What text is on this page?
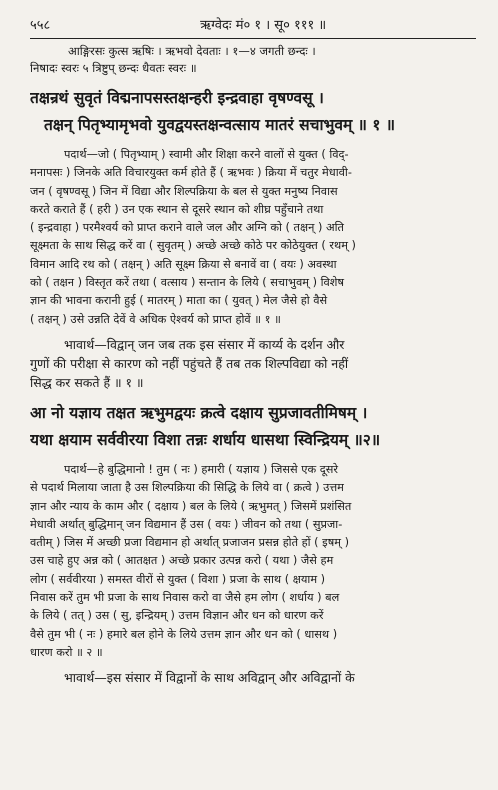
५५८	ऋग्वेदः मं० १ । सू० १११ ॥
आङ्गिरसः कुत्स ऋषिः । ऋभवो देवताः । १—४ जगती छन्दः ।
निषादः स्वरः ५ त्रिष्टुप् छन्दः धैवतः स्वरः ॥
तक्षन्रथं सुवृतं विद्मनापसस्तक्षन्हरी इन्द्रवाहा वृषण्वसू ।
तक्षन् पितृभ्यामृभवो युवद्वयस्तक्षन्वत्साय मातरं सचाभुवम् ॥ १ ॥
पदार्थ—जो ( पितृभ्याम् ) स्वामी और शिक्षा करने वालों से युक्त ( विद्-
मनापसः ) जिनके अति विचारयुक्त कर्म होते हैं ( ऋभवः ) क्रिया में चतुर मेधावी-
जन ( वृषण्वसू ) जिन में विद्या और शिल्पक्रिया के बल से युक्त मनुष्य निवास
करते कराते हैं ( हरी ) उन एक स्थान से दूसरे स्थान को शीघ्र पहुँचाने तथा
( इन्द्रवाहा ) परमैश्वर्य को प्राप्त कराने वाले जल और अग्नि को ( तक्षन् ) अति
सूक्ष्मता के साथ सिद्ध करें वा ( सुवृतम् ) अच्छे अच्छे कोठे पर कोठेयुक्त ( रथम् )
विमान आदि रथ को ( तक्षन् ) अति सूक्ष्म क्रिया से बनावें वा ( वयः ) अवस्था
को ( तक्षन ) विस्तृत करें तथा ( वत्साय ) सन्तान के लिये ( सचाभुवम् ) विशेष
ज्ञान की भावना करानी हुई ( मातरम् ) माता का ( युवत् ) मेल जैसे हो वैसे
( तक्षन् ) उसे उन्नति देवें वे अधिक ऐश्वर्य को प्राप्त होवें ॥ १ ॥
भावार्थ—विद्वान् जन जब तक इस संसार में कार्य्य के दर्शन और
गुणों की परीक्षा से कारण को नहीं पहुंचते हैं तब तक शिल्पविद्या को नहीं
सिद्ध कर सकते हैं ॥ १ ॥
आ नो यज्ञाय तक्षत ऋभुमद्वयः क्रत्वे दक्षाय सुप्रजावतीमिषम् ।
यथा क्षयाम सर्ववीरया विशा तन्नः शर्धाय धासथा स्विन्द्रियम् ॥२॥
पदार्थ—हे बुद्धिमानो ! तुम ( नः ) हमारी ( यज्ञाय ) जिससे एक दूसरे
से पदार्थ मिलाया जाता है उस शिल्पक्रिया की सिद्धि के लिये वा ( क्रत्वे ) उत्तम
ज्ञान और न्याय के काम और ( दक्षाय ) बल के लिये ( ऋभुमत् ) जिसमें प्रशंसित
मेधावी अर्थात् बुद्धिमान् जन विद्यमान हैं उस ( वयः ) जीवन को तथा ( सुप्रजा-
वतीम् ) जिस में अच्छी प्रजा विद्यमान हो अर्थात् प्रजाजन प्रसन्न होते हों ( इषम् )
उस चाहे हुए अन्न को ( आतक्षत ) अच्छे प्रकार उत्पन्न करो ( यथा ) जैसे हम
लोग ( सर्ववीरया ) समस्त वीरों से युक्त ( विशा ) प्रजा के साथ ( क्षयाम )
निवास करें तुम भी प्रजा के साथ निवास करो वा जैसे हम लोग ( शर्धाय ) बल
के लिये ( तत् ) उस ( सु, इन्द्रियम् ) उत्तम विज्ञान और धन को धारण करें
वैसे तुम भी ( नः ) हमारे बल होने के लिये उत्तम ज्ञान और धन को ( धासथ )
धारण करो ॥ २ ॥
भावार्थ—इस संसार में विद्वानों के साथ अविद्वान् और अविद्वानों के
